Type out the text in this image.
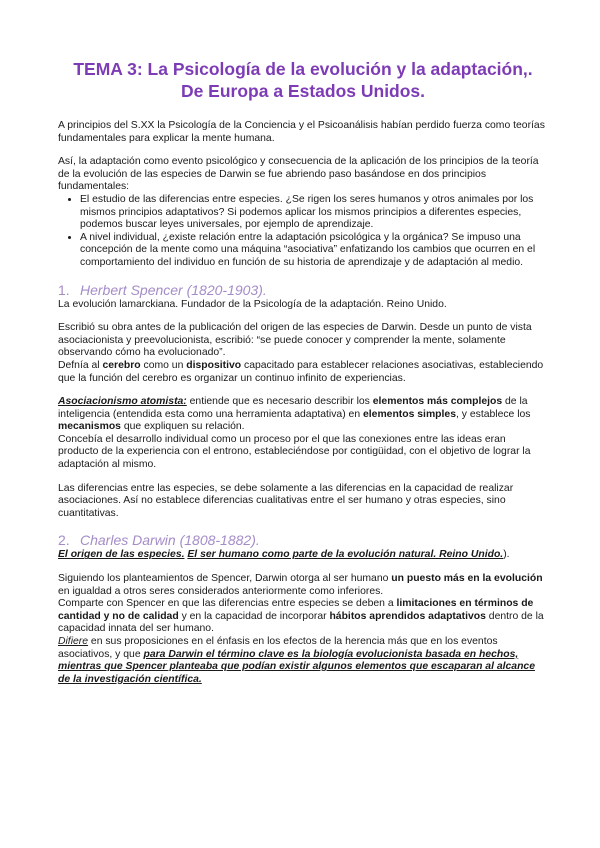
TEMA 3: La Psicología de la evolución y la adaptación,.
De Europa a Estados Unidos.

A principios del S.XX la Psicología de la Conciencia y el Psicoanálisis habían perdido fuerza como teorías fundamentales para explicar la mente humana.

Así, la adaptación como evento psicológico y consecuencia de la aplicación de los principios de la teoría de la evolución de las especies de Darwin se fue abriendo paso basándose en dos principios fundamentales:

• El estudio de las diferencias entre especies. ¿Se rigen los seres humanos y otros animales por los mismos principios adaptativos? Si podemos aplicar los mismos principios a diferentes especies, podemos buscar leyes universales, por ejemplo de aprendizaje.
• A nivel individual, ¿existe relación entre la adaptación psicológica y la orgánica? Se impuso una concepción de la mente como una máquina “asociativa” enfatizando los cambios que ocurren en el comportamiento del individuo en función de su historia de aprendizaje y de adaptación al medio.
1. Herbert Spencer (1820-1903).

La evolución lamarckiana. Fundador de la Psicología de la adaptación. Reino Unido.

Escribió su obra antes de la publicación del origen de las especies de Darwin. Desde un punto de vista asociacionista y preevolucionista, escribió: “se puede conocer y comprender la mente, solamente observando cómo ha evolucionado”.

Defnía al cerebro como un dispositivo capacitado para establecer relaciones asociativas, estableciendo que la función del cerebro es organizar un continuo infinito de experiencias.

Asociacionismo atomista: entiende que es necesario describir los elementos más complejos de la inteligencia (entendida esta como una herramienta adaptativa) en elementos simples, y establece los mecanismos que expliquen su relación.

Concebía el desarrollo individual como un proceso por el que las conexiones entre las ideas eran producto de la experiencia con el entrono, estableciéndose por contigüidad, con el objetivo de lograr la adaptación al mismo.

Las diferencias entre las especies, se debe solamente a las diferencias en la capacidad de realizar asociaciones. Así no establece diferencias cualitativas entre el ser humano y otras especies, sino cuantitativas.

2. Charles Darwin (1808-1882).

El origen de las especies. El ser humano como parte de la evolución natural. Reino Unido.).

Siguiendo los planteamientos de Spencer, Darwin otorga al ser humano un puesto más en la evolución en igualdad a otros seres considerados anteriormente como inferiores.

Comparte con Spencer en que las diferencias entre especies se deben a limitaciones en términos de cantidad y no de calidad y en la capacidad de incorporar hábitos aprendidos adaptativos dentro de la capacidad innata del ser humano.

Difiere en sus proposiciones en el énfasis en los efectos de la herencia más que en los eventos asociativos, y que para Darwin el término clave es la biología evolucionista basada en hechos, mientras que Spencer planteaba que podían existir algunos elementos que escaparan al alcance de la investigación científica.
